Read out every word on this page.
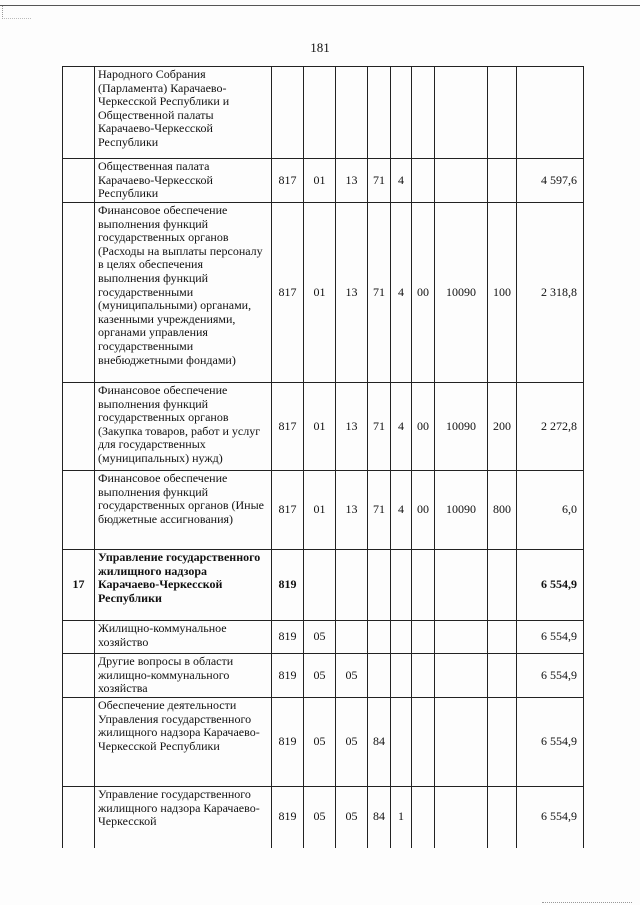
181
	Народного Собрания (Парламента) Карачаево-Черкесской Республики и Общественной палаты Карачаево-Черкесской Республики									
	Общественная палата Карачаево-Черкесской Республики	817	01	13	71	4				4 597,6
	Финансовое обеспечение выполнения функций государственных органов (Расходы на выплаты персоналу в целях обеспечения выполнения функций государственными (муниципальными) органами, казенными учреждениями, органами управления государственными внебюджетными фондами)	817	01	13	71	4	00	10090	100	2 318,8
	Финансовое обеспечение выполнения функций государственных органов (Закупка товаров, работ и услуг для государственных (муниципальных) нужд)	817	01	13	71	4	00	10090	200	2 272,8
	Финансовое обеспечение выполнения функций государственных органов (Иные бюджетные ассигнования)	817	01	13	71	4	00	10090	800	6,0
17	Управление государственного жилищного надзора Карачаево-Черкесской Республики	819								6 554,9
	Жилищно-коммунальное хозяйство	819	05							6 554,9
	Другие вопросы в области жилищно-коммунального хозяйства	819	05	05						6 554,9
	Обеспечение деятельности Управления государственного жилищного надзора Карачаево-Черкесской Республики	819	05	05	84					6 554,9
	Управление государственного жилищного надзора Карачаево-Черкесской	819	05	05	84	1				6 554,9
